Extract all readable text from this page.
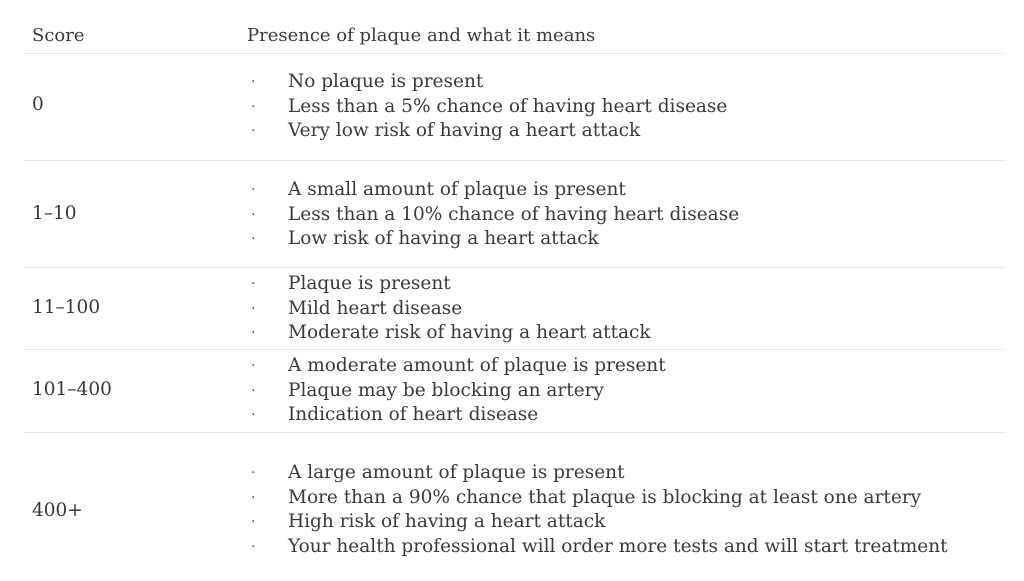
Score	Presence of plaque and what it means
0
· No plaque is present
· Less than a 5% chance of having heart disease
· Very low risk of having a heart attack
1–10
· A small amount of plaque is present
· Less than a 10% chance of having heart disease
· Low risk of having a heart attack
11–100
· Plaque is present
· Mild heart disease
· Moderate risk of having a heart attack
101–400
· A moderate amount of plaque is present
· Plaque may be blocking an artery
· Indication of heart disease
400+
· A large amount of plaque is present
· More than a 90% chance that plaque is blocking at least one artery
· High risk of having a heart attack
· Your health professional will order more tests and will start treatment
